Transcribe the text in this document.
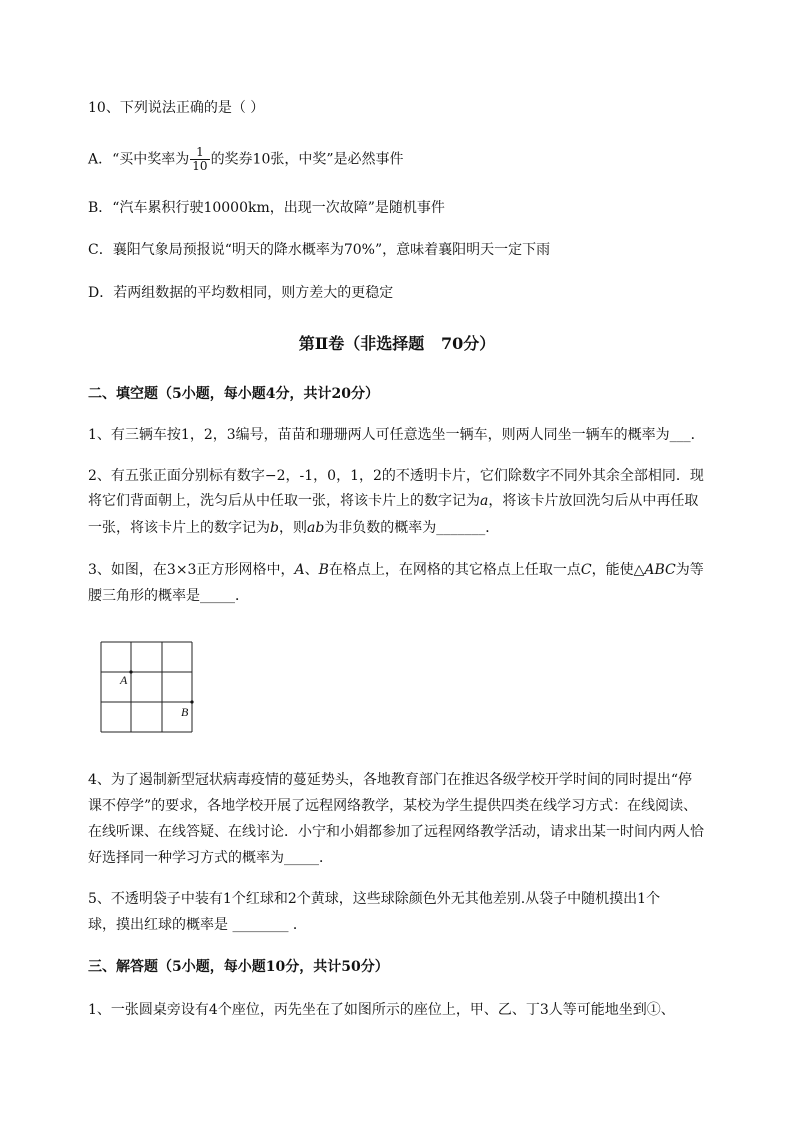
10、下列说法正确的是（ ）
A．“买中奖率为 $\frac{1}{10}$ 的奖券10张，中奖”是必然事件
B．“汽车累积行驶10000km，出现一次故障”是随机事件
C．襄阳气象局预报说“明天的降水概率为70%”，意味着襄阳明天一定下雨
D．若两组数据的平均数相同，则方差大的更稳定
第Ⅱ卷（非选择题   70分）
二、填空题（5小题，每小题4分，共计20分）
1、有三辆车按1，2，3编号，苗苗和珊珊两人可任意选坐一辆车，则两人同坐一辆车的概率为___．
2、有五张正面分别标有数字−2，-1，0，1，2的不透明卡片，它们除数字不同外其余全部相同．现
将它们背面朝上，洗匀后从中任取一张，将该卡片上的数字记为a，将该卡片放回洗匀后从中再任取
一张，将该卡片上的数字记为b，则ab为非负数的概率为_______．
3、如图，在3×3正方形网格中，A、B在格点上，在网格的其它格点上任取一点C，能使△ABC为等
腰三角形的概率是_____．
A
B
4、为了遏制新型冠状病毒疫情的蔓延势头，各地教育部门在推迟各级学校开学时间的同时提出“停
课不停学”的要求，各地学校开展了远程网络教学，某校为学生提供四类在线学习方式：在线阅读、
在线听课、在线答疑、在线讨论．小宁和小娟都参加了远程网络教学活动，请求出某一时间内两人恰
好选择同一种学习方式的概率为_____．
5、不透明袋子中装有1个红球和2个黄球，这些球除颜色外无其他差别.从袋子中随机摸出1个
球，摸出红球的概率是 ________ ．
三、解答题（5小题，每小题10分，共计50分）
1、一张圆桌旁设有4个座位，丙先坐在了如图所示的座位上，甲、乙、丁3人等可能地坐到①、
